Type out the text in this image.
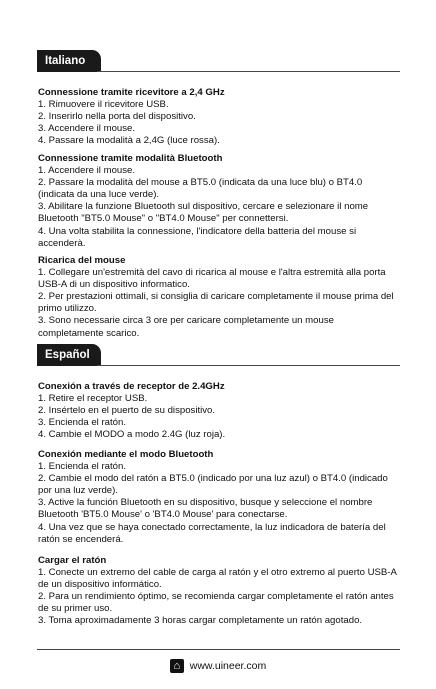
Italiano
Connessione tramite ricevitore a 2,4 GHz
1. Rimuovere il ricevitore USB.
2. Inserirlo nella porta del dispositivo.
3. Accendere il mouse.
4. Passare la modalità a 2,4G (luce rossa).
Connessione tramite modalità Bluetooth
1. Accendere il mouse.
2. Passare la modalità del mouse a BT5.0 (indicata da una luce blu) o BT4.0 (indicata da una luce verde).
3. Abilitare la funzione Bluetooth sul dispositivo, cercare e selezionare il nome Bluetooth "BT5.0 Mouse" o "BT4.0 Mouse" per connettersi.
4. Una volta stabilita la connessione, l'indicatore della batteria del mouse si accenderà.
Ricarica del mouse
1. Collegare un'estremità del cavo di ricarica al mouse e l'altra estremità alla porta USB-A di un dispositivo informatico.
2. Per prestazioni ottimali, si consiglia di caricare completamente il mouse prima del primo utilizzo.
3. Sono necessarie circa 3 ore per caricare completamente un mouse completamente scarico.
Español
Conexión a través de receptor de 2.4GHz
1. Retire el receptor USB.
2. Insértelo en el puerto de su dispositivo.
3. Encienda el ratón.
4. Cambie el MODO a modo 2.4G (luz roja).
Conexión mediante el modo Bluetooth
1. Encienda el ratón.
2. Cambie el modo del ratón a BT5.0 (indicado por una luz azul) o BT4.0 (indicado por una luz verde).
3. Active la función Bluetooth en su dispositivo, busque y seleccione el nombre Bluetooth 'BT5.0 Mouse' o 'BT4.0 Mouse' para conectarse.
4. Una vez que se haya conectado correctamente, la luz indicadora de batería del ratón se encenderá.
Cargar el ratón
1. Conecte un extremo del cable de carga al ratón y el otro extremo al puerto USB-A de un dispositivo informático.
2. Para un rendimiento óptimo, se recomienda cargar completamente el ratón antes de su primer uso.
3. Toma aproximadamente 3 horas cargar completamente un ratón agotado.
⌂ www.uineer.com
